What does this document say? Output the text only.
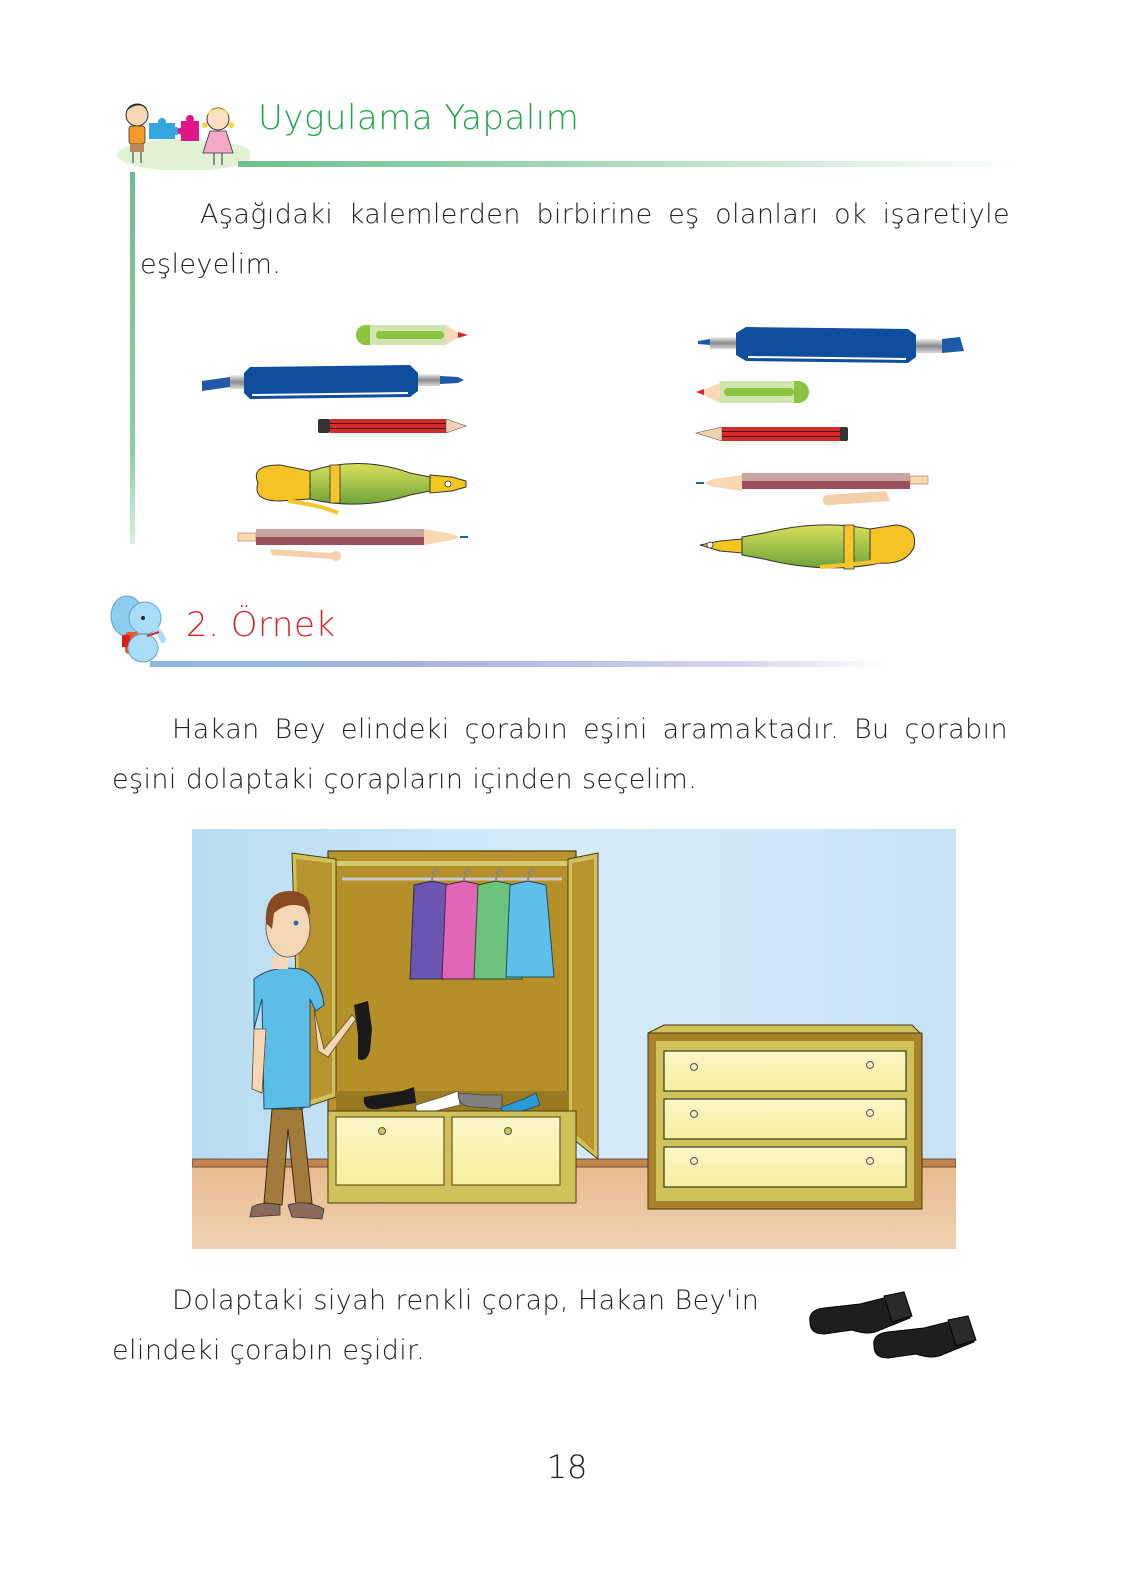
Uygulama Yapalım
Aşağıdaki kalemlerden birbirine eş olanları ok işaretiyle eşleyelim.
2. Örnek
Hakan Bey elindeki çorabın eşini aramaktadır. Bu çorabın eşini dolaptaki çorapların içinden seçelim.
Dolaptaki siyah renkli çorap, Hakan Bey'in elindeki çorabın eşidir.
18
